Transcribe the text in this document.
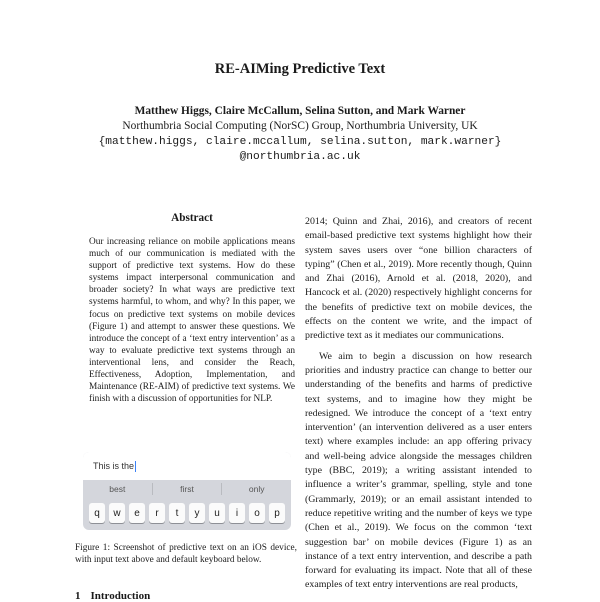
RE-AIMing Predictive Text
Matthew Higgs, Claire McCallum, Selina Sutton, and Mark Warner
Northumbria Social Computing (NorSC) Group, Northumbria University, UK
{matthew.higgs, claire.mccallum, selina.sutton, mark.warner}
@northumbria.ac.uk
Abstract

Our increasing reliance on mobile applications means much of our communication is mediated with the support of predictive text systems. How do these systems impact interpersonal communication and broader society? In what ways are predictive text systems harmful, to whom, and why? In this paper, we focus on predictive text systems on mobile devices (Figure 1) and attempt to answer these questions. We introduce the concept of a ‘text entry intervention’ as a way to evaluate predictive text systems through an interventional lens, and consider the Reach, Effectiveness, Adoption, Implementation, and Maintenance (RE-AIM) of predictive text systems. We finish with a discussion of opportunities for NLP.

This is the
best	first	only
q	w	e	r	t	y	u	i	o	p

Figure 1: Screenshot of predictive text on an iOS device, with input text above and default keyboard below.

1 Introduction

2014; Quinn and Zhai, 2016), and creators of recent email-based predictive text systems highlight how their system saves users over “one billion characters of typing” (Chen et al., 2019). More recently though, Quinn and Zhai (2016), Arnold et al. (2018, 2020), and Hancock et al. (2020) respectively highlight concerns for the benefits of predictive text on mobile devices, the effects on the content we write, and the impact of predictive text as it mediates our communications.

We aim to begin a discussion on how research priorities and industry practice can change to better our understanding of the benefits and harms of predictive text systems, and to imagine how they might be redesigned. We introduce the concept of a ‘text entry intervention’ (an intervention delivered as a user enters text) where examples include: an app offering privacy and well-being advice alongside the messages children type (BBC, 2019); a writing assistant intended to influence a writer’s grammar, spelling, style and tone (Grammarly, 2019); or an email assistant intended to reduce repetitive writing and the number of keys we type (Chen et al., 2019). We focus on the common ‘text suggestion bar’ on mobile devices (Figure 1) as an instance of a text entry intervention, and describe a path forward for evaluating its impact. Note that all of these examples of text entry interventions are real products,
